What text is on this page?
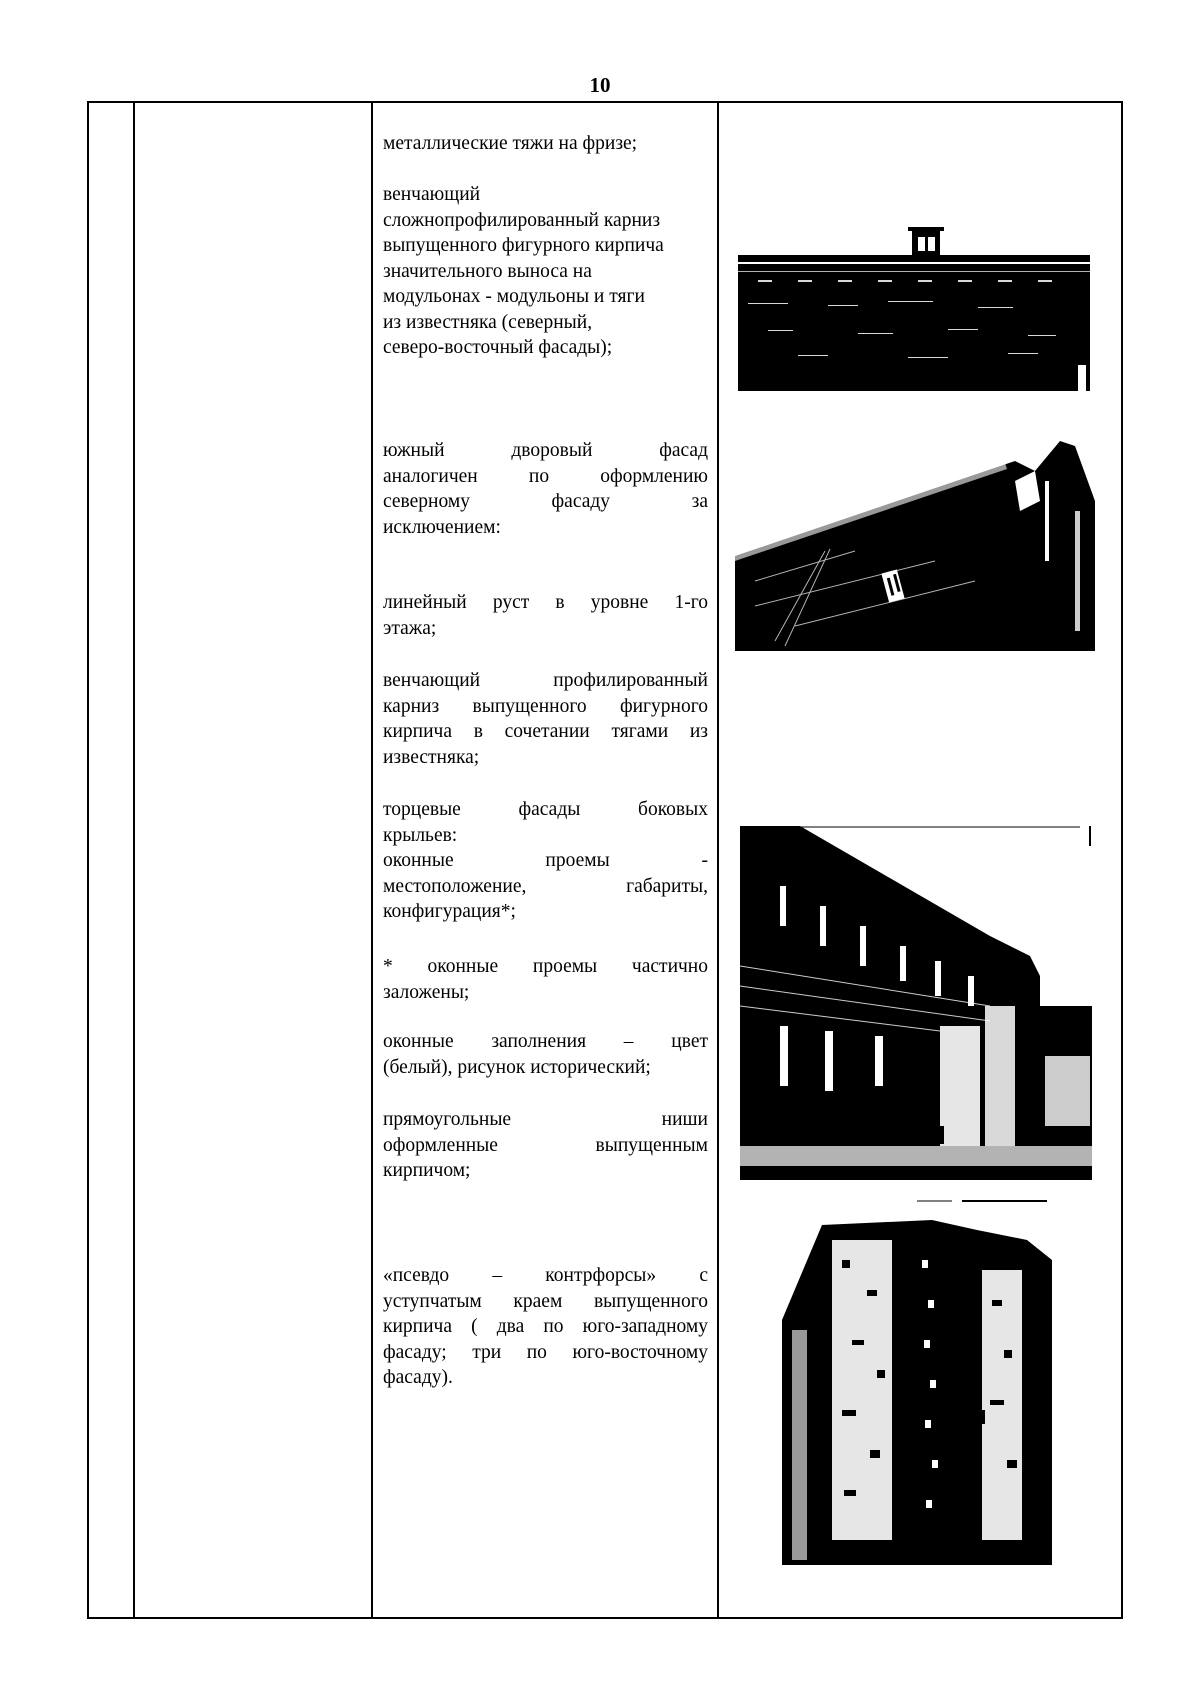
10

металлические тяжи на фризе;

венчающий

сложнопрофилированный карниз

выпущенного фигурного кирпича

значительного выноса на

модульонах - модульоны и тяги

из известняка (северный,

северо-восточный фасады);

южный дворовый фасад

аналогичен по оформлению

северному фасаду за

исключением:

линейный руст в уровне 1-го

этажа;

венчающий профилированный

карниз выпущенного фигурного

кирпича в сочетании тягами из

известняка;

торцевые фасады боковых

крыльев:

оконные проемы -

местоположение, габариты,

конфигурация*;

* оконные проемы частично

заложены;

оконные заполнения – цвет

(белый), рисунок исторический;

прямоугольные ниши

оформленные выпущенным

кирпичом;

«псевдо – контрфорсы» с

уступчатым краем выпущенного

кирпича ( два по юго-западному

фасаду; три по юго-восточному

фасаду).
